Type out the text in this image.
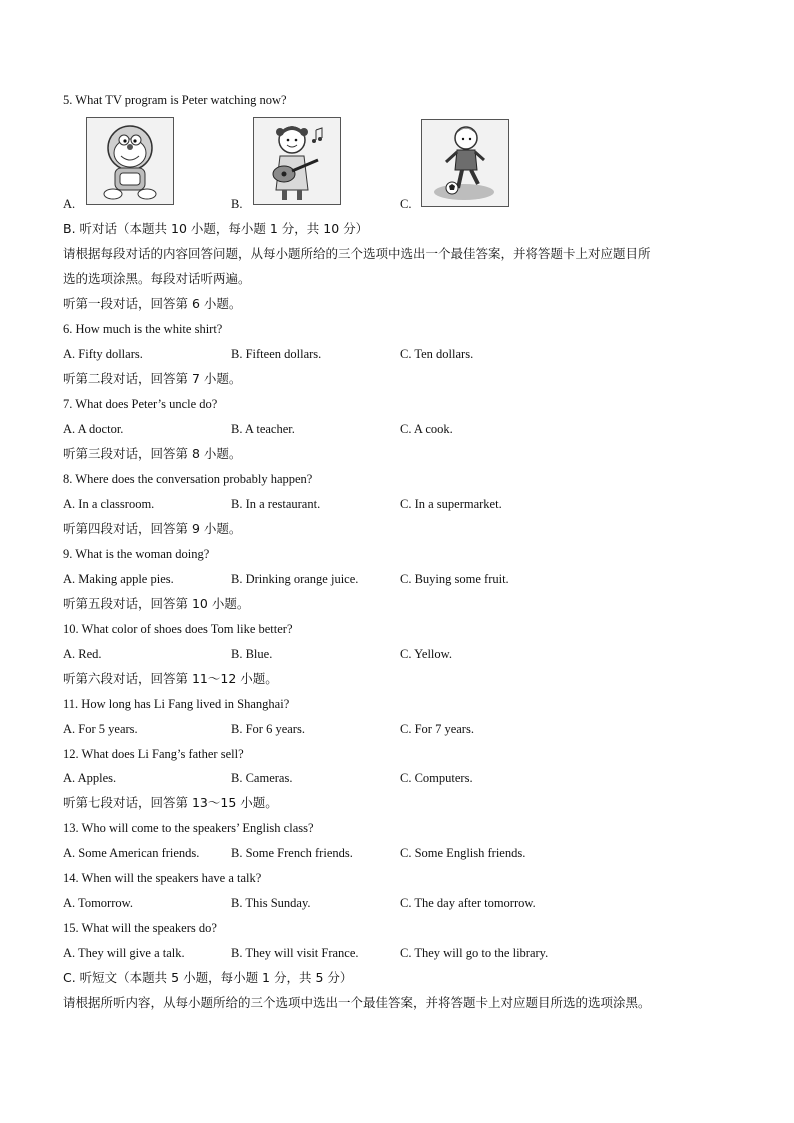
5. What TV program is Peter watching now?
A.	B.	C.
B. 听对话（本题共 10 小题，每小题 1 分，共 10 分）
请根据每段对话的内容回答问题，从每小题所给的三个选项中选出一个最佳答案，并将答题卡上对应题目所
选的选项涂黑。每段对话听两遍。
听第一段对话，回答第 6 小题。
6. How much is the white shirt?
A. Fifty dollars.	B. Fifteen dollars.	C. Ten dollars.
听第二段对话，回答第 7 小题。
7. What does Peter’s uncle do?
A. A doctor.	B. A teacher.	C. A cook.
听第三段对话，回答第 8 小题。
8. Where does the conversation probably happen?
A. In a classroom.	B. In a restaurant.	C. In a supermarket.
听第四段对话，回答第 9 小题。
9. What is the woman doing?
A. Making apple pies.	B. Drinking orange juice.	C. Buying some fruit.
听第五段对话，回答第 10 小题。
10. What color of shoes does Tom like better?
A. Red.	B. Blue.	C. Yellow.
听第六段对话，回答第 11～12 小题。
11. How long has Li Fang lived in Shanghai?
A. For 5 years.	B. For 6 years.	C. For 7 years.
12. What does Li Fang’s father sell?
A. Apples.	B. Cameras.	C. Computers.
听第七段对话，回答第 13～15 小题。
13. Who will come to the speakers’ English class?
A. Some American friends.	B. Some French friends.	C. Some English friends.
14. When will the speakers have a talk?
A. Tomorrow.	B. This Sunday.	C. The day after tomorrow.
15. What will the speakers do?
A. They will give a talk.	B. They will visit France.	C. They will go to the library.
C. 听短文（本题共 5 小题，每小题 1 分，共 5 分）
请根据所听内容，从每小题所给的三个选项中选出一个最佳答案，并将答题卡上对应题目所选的选项涂黑。
